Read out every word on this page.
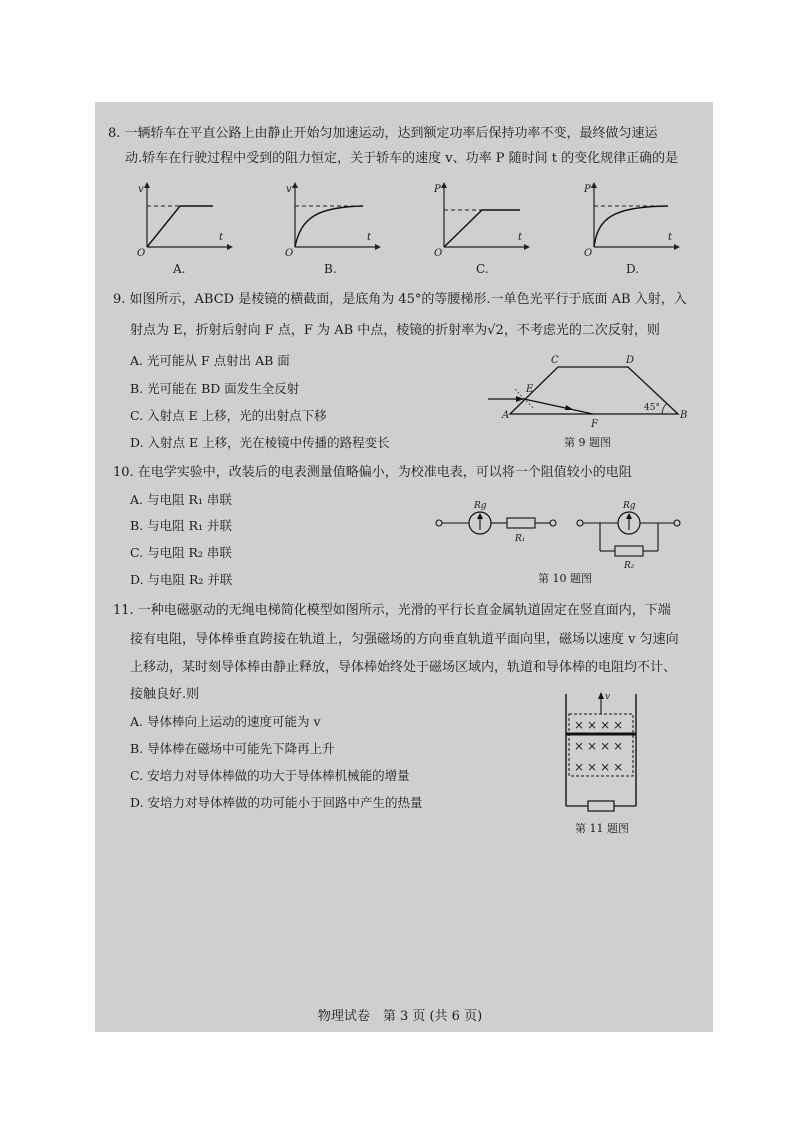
8. 一辆轿车在平直公路上由静止开始匀加速运动，达到额定功率后保持功率不变，最终做匀速运
动.轿车在行驶过程中受到的阻力恒定，关于轿车的速度 v、功率 P 随时间 t 的变化规律正确的是
v
t
O
A.
v
t
O
B.
P
t
O
C.
P
t
O
D.
9. 如图所示，ABCD 是棱镜的横截面，是底角为 45°的等腰梯形.一单色光平行于底面 AB 入射，入
射点为 E，折射后射向 F 点，F 为 AB 中点，棱镜的折射率为√2，不考虑光的二次反射，则
A. 光可能从 F 点射出 AB 面
B. 光可能在 BD 面发生全反射
C. 入射点 E 上移，光的出射点下移
D. 入射点 E 上移，光在棱镜中传播的路程变长
A	B
C	D
E
F
45°
第 9 题图
10. 在电学实验中，改装后的电表测量值略偏小，为校准电表，可以将一个阻值较小的电阻
A. 与电阻 R₁ 串联
B. 与电阻 R₁ 并联
C. 与电阻 R₂ 串联
D. 与电阻 R₂ 并联
Rg
R₁
Rg
R₂
第 10 题图
11. 一种电磁驱动的无绳电梯简化模型如图所示，光滑的平行长直金属轨道固定在竖直面内，下端
接有电阻，导体棒垂直跨接在轨道上，匀强磁场的方向垂直轨道平面向里，磁场以速度 v 匀速向
上移动，某时刻导体棒由静止释放，导体棒始终处于磁场区域内，轨道和导体棒的电阻均不计、
接触良好.则
A. 导体棒向上运动的速度可能为 v
B. 导体棒在磁场中可能先下降再上升
C. 安培力对导体棒做的功大于导体棒机械能的增量
D. 安培力对导体棒做的功可能小于回路中产生的热量
v
××××
××××
××××
第 11 题图
物理试卷　第 3 页 (共 6 页)
